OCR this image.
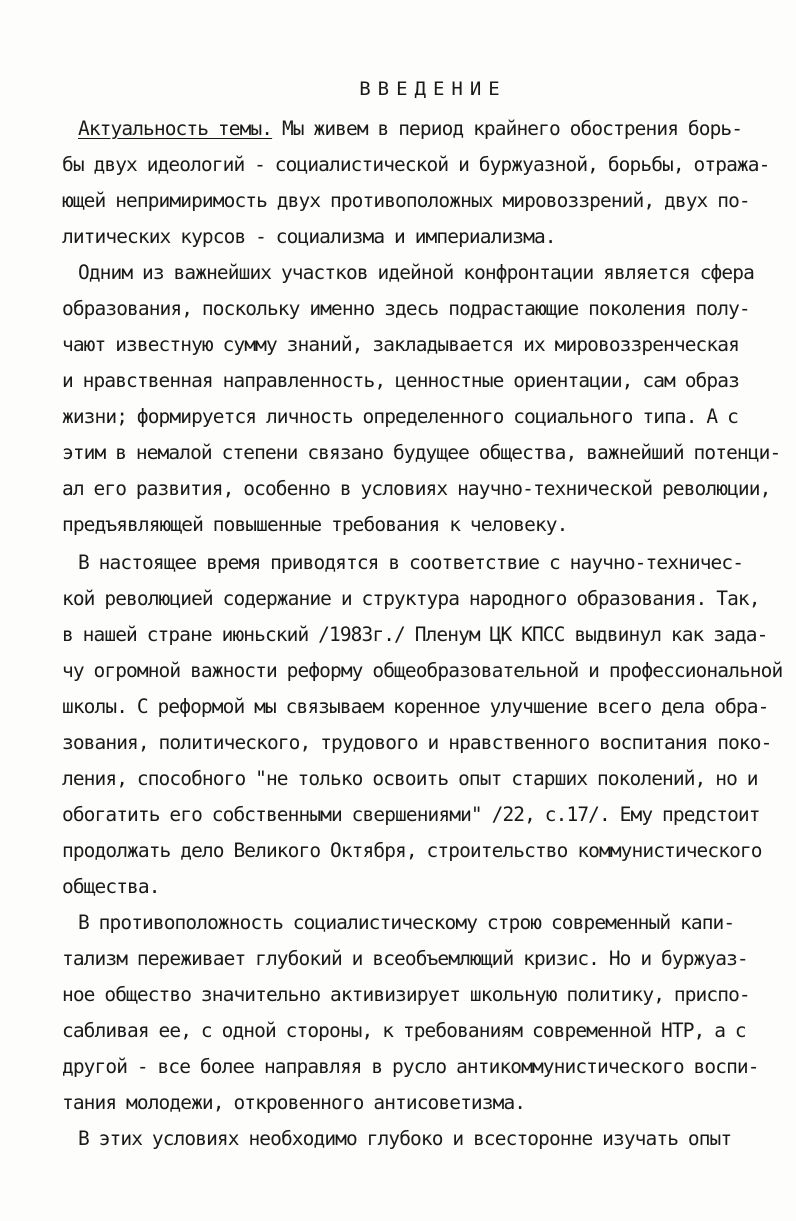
ВВЕДЕНИЕ
Актуальность темы. Мы живем в период крайнего обострения борь-
бы двух идеологий - социалистической и буржуазной, борьбы, отража-
ющей непримиримость двух противоположных мировоззрений, двух по-
литических курсов - социализма и империализма.
Одним из важнейших участков идейной конфронтации является сфера
образования, поскольку именно здесь подрастающие поколения полу-
чают известную сумму знаний, закладывается их мировоззренческая
и нравственная направленность, ценностные ориентации, сам образ
жизни; формируется личность определенного социального типа. А с
этим в немалой степени связано будущее общества, важнейший потенци-
ал его развития, особенно в условиях научно-технической революции,
предъявляющей повышенные требования к человеку.
В настоящее время приводятся в соответствие с научно-техничес-
кой революцией содержание и структура народного образования. Так,
в нашей стране июньский /1983г./ Пленум ЦК КПСС выдвинул как зада-
чу огромной важности реформу общеобразовательной и профессиональной
школы. С реформой мы связываем коренное улучшение всего дела обра-
зования, политического, трудового и нравственного воспитания поко-
ления, способного "не только освоить опыт старших поколений, но и
обогатить его собственными свершениями" /22, с.17/. Ему предстоит
продолжать дело Великого Октября, строительство коммунистического
общества.
В противоположность социалистическому строю современный капи-
тализм переживает глубокий и всеобъемлющий кризис. Но и буржуаз-
ное общество значительно активизирует школьную политику, приспо-
сабливая ее, с одной стороны, к требованиям современной НТР, а с
другой - все более направляя в русло антикоммунистического воспи-
тания молодежи, откровенного антисоветизма.
В этих условиях необходимо глубоко и всесторонне изучать опыт
